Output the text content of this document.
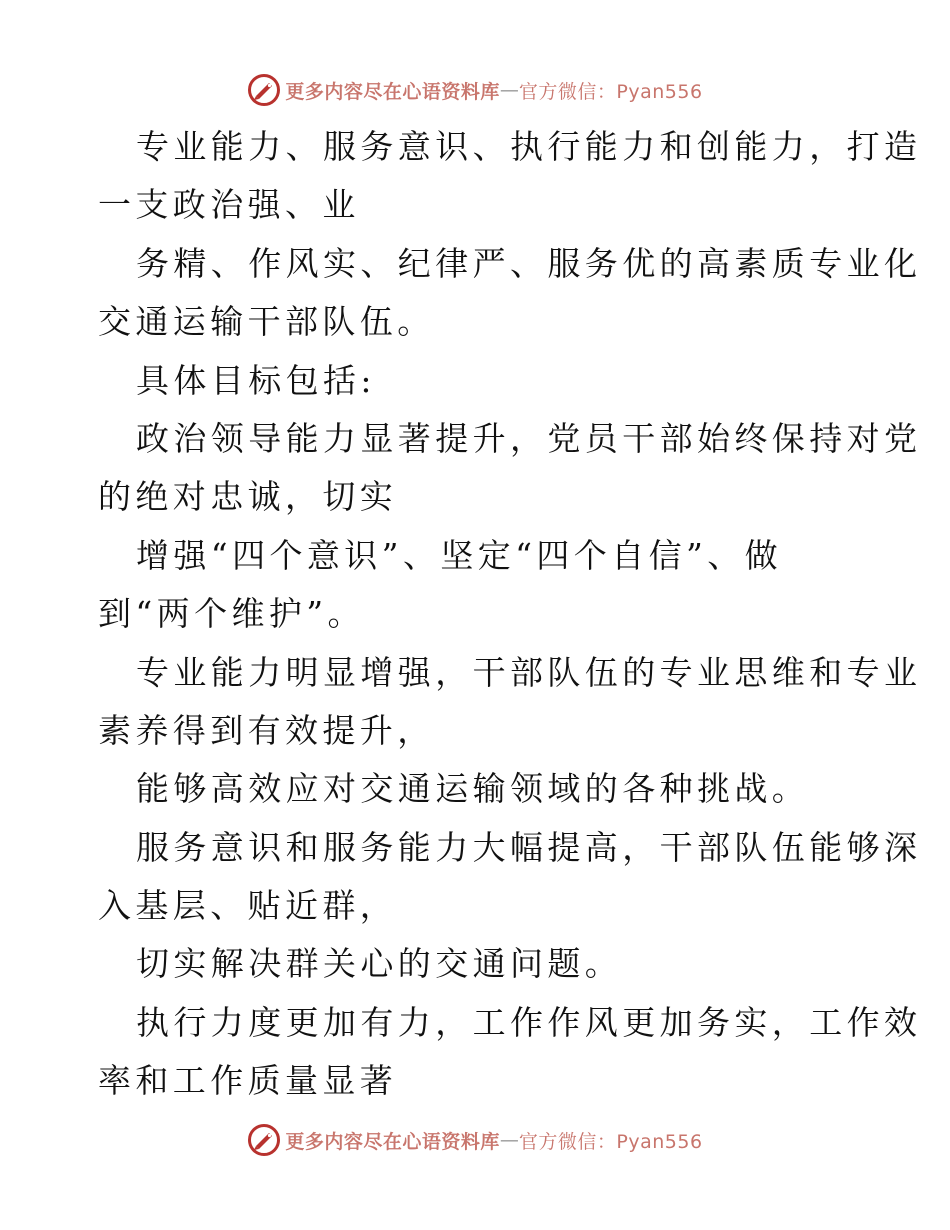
更多内容尽在心语资料库 — 官方微信：Pyan556
专业能力、服务意识、执行能力和创能力，打造
一支政治强、业
务精、作风实、纪律严、服务优的高素质专业化
交通运输干部队伍。
具体目标包括:
政治领导能力显著提升，党员干部始终保持对党
的绝对忠诚，切实
增强“四个意识”、坚定“四个自信”、做
到“两个维护”。
专业能力明显增强，干部队伍的专业思维和专业
素养得到有效提升，
能够高效应对交通运输领域的各种挑战。
服务意识和服务能力大幅提高，干部队伍能够深
入基层、贴近群，
切实解决群关心的交通问题。
执行力度更加有力，工作作风更加务实，工作效
率和工作质量显著
更多内容尽在心语资料库 — 官方微信：Pyan556
